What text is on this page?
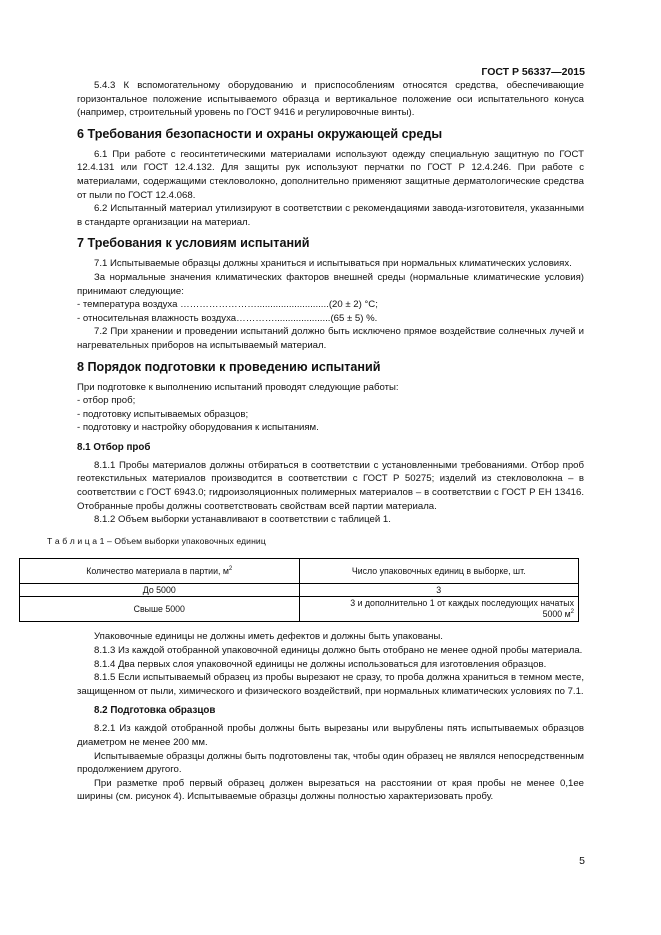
ГОСТ Р 56337—2015

5.4.3 К вспомогательному оборудованию и приспособлениям относятся средства, обеспечивающие горизонтальное положение испытываемого образца и вертикальное положение оси испытательного конуса (например, строительный уровень по ГОСТ 9416 и регулировочные винты).

6 Требования безопасности и охраны окружающей среды

6.1 При работе с геосинтетическими материалами используют одежду специальную защитную по ГОСТ 12.4.131 или ГОСТ 12.4.132. Для защиты рук используют перчатки по ГОСТ Р 12.4.246. При работе с материалами, содержащими стекловолокно, дополнительно применяют защитные дерматологические средства от пыли по ГОСТ 12.4.068.

6.2 Испытанный материал утилизируют в соответствии с рекомендациями завода-изготовителя, указанными в стандарте организации на материал.

7 Требования к условиям испытаний

7.1 Испытываемые образцы должны храниться и испытываться при нормальных климатических условиях.

За нормальные значения климатических факторов внешней среды (нормальные климатические условия) принимают следующие:

- температура воздуха ……………………...........................(20 ± 2) °С;

- относительная влажность воздуха………….....................(65 ± 5) %.

7.2 При хранении и проведении испытаний должно быть исключено прямое воздействие солнечных лучей и нагревательных приборов на испытываемый материал.

8 Порядок подготовки к проведению испытаний

При подготовке к выполнению испытаний проводят следующие работы:

- отбор проб;

- подготовку испытываемых образцов;

- подготовку и настройку оборудования к испытаниям.

8.1 Отбор проб

8.1.1 Пробы материалов должны отбираться в соответствии с установленными требованиями. Отбор проб геотекстильных материалов производится в соответствии с ГОСТ Р 50275; изделий из стекловолокна – в соответствии с ГОСТ 6943.0; гидроизоляционных полимерных материалов – в соответствии с ГОСТ Р ЕН 13416. Отобранные пробы должны соответствовать свойствам всей партии материала.

8.1.2 Объем выборки устанавливают в соответствии с таблицей 1.

Т а б л и ц а 1 – Объем выборки упаковочных единиц
Количество материала в партии, $м^2$	Число упаковочных единиц в выборке, шт.
До 5000	3
Свыше 5000	3 и дополнительно 1 от каждых последующих начатых
5000 $м^2$

Упаковочные единицы не должны иметь дефектов и должны быть упакованы.

8.1.3 Из каждой отобранной упаковочной единицы должно быть отобрано не менее одной пробы материала.

8.1.4 Два первых слоя упаковочной единицы не должны использоваться для изготовления образцов.

8.1.5 Если испытываемый образец из пробы вырезают не сразу, то проба должна храниться в темном месте, защищенном от пыли, химического и физического воздействий, при нормальных климатических условиях по 7.1.

8.2 Подготовка образцов

8.2.1 Из каждой отобранной пробы должны быть вырезаны или вырублены пять испытываемых образцов диаметром не менее 200 мм.

Испытываемые образцы должны быть подготовлены так, чтобы один образец не являлся непосредственным продолжением другого.

При разметке проб первый образец должен вырезаться на расстоянии от края пробы не менее 0,1ее ширины (см. рисунок 4). Испытываемые образцы должны полностью характеризовать пробу.

5
